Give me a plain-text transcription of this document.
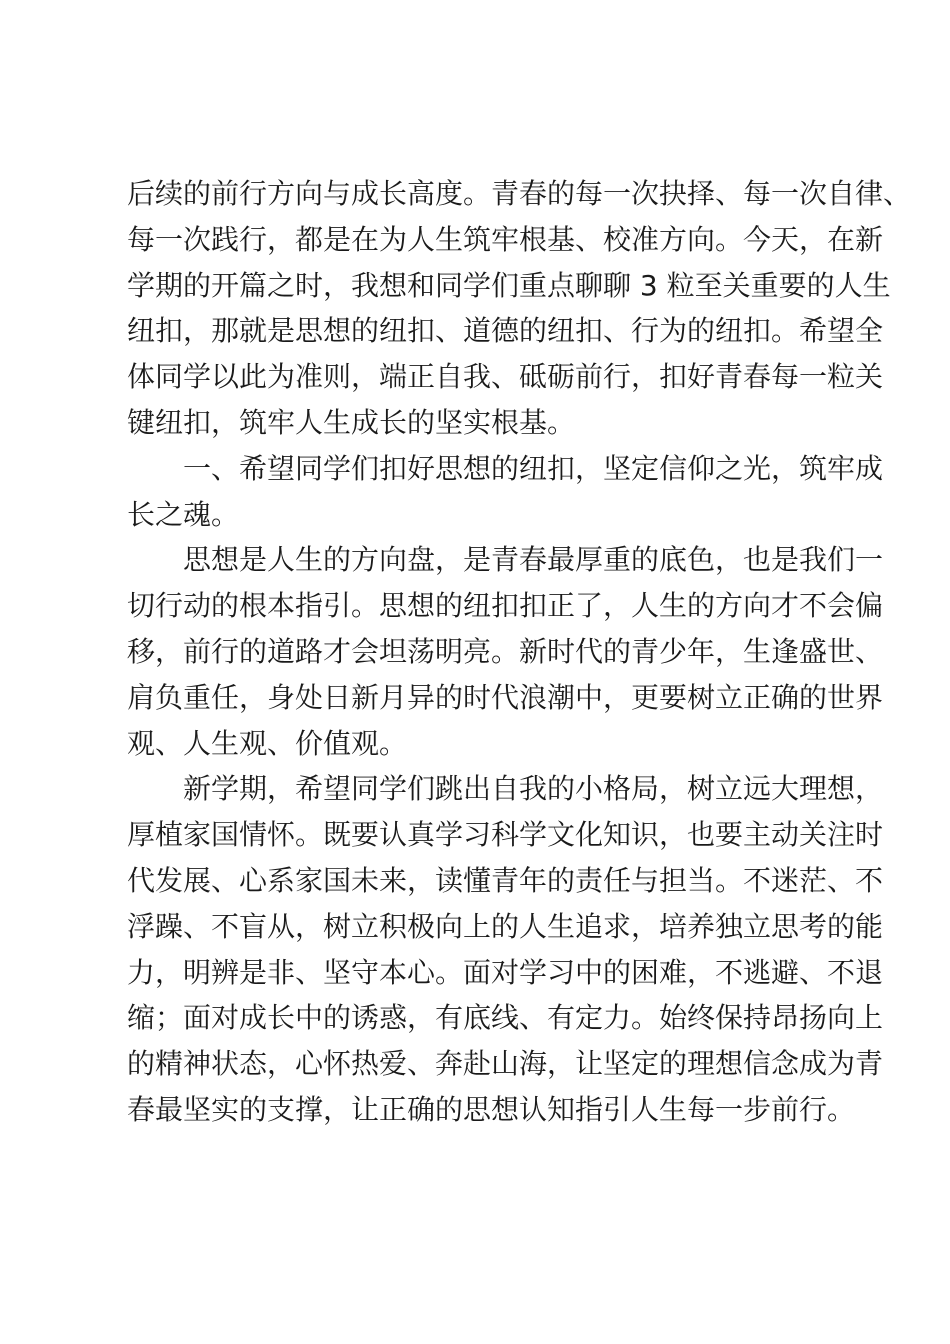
后续的前行方向与成长高度。青春的每一次抉择、每一次自律、
每一次践行，都是在为人生筑牢根基、校准方向。今天，在新
学期的开篇之时，我想和同学们重点聊聊 3 粒至关重要的人生
纽扣，那就是思想的纽扣、道德的纽扣、行为的纽扣。希望全
体同学以此为准则，端正自我、砥砺前行，扣好青春每一粒关
键纽扣，筑牢人生成长的坚实根基。
一、希望同学们扣好思想的纽扣，坚定信仰之光，筑牢成
长之魂。
思想是人生的方向盘，是青春最厚重的底色，也是我们一
切行动的根本指引。思想的纽扣扣正了，人生的方向才不会偏
移，前行的道路才会坦荡明亮。新时代的青少年，生逢盛世、
肩负重任，身处日新月异的时代浪潮中，更要树立正确的世界
观、人生观、价值观。
新学期，希望同学们跳出自我的小格局，树立远大理想，
厚植家国情怀。既要认真学习科学文化知识，也要主动关注时
代发展、心系家国未来，读懂青年的责任与担当。不迷茫、不
浮躁、不盲从，树立积极向上的人生追求，培养独立思考的能
力，明辨是非、坚守本心。面对学习中的困难，不逃避、不退
缩；面对成长中的诱惑，有底线、有定力。始终保持昂扬向上
的精神状态，心怀热爱、奔赴山海，让坚定的理想信念成为青
春最坚实的支撑，让正确的思想认知指引人生每一步前行。
